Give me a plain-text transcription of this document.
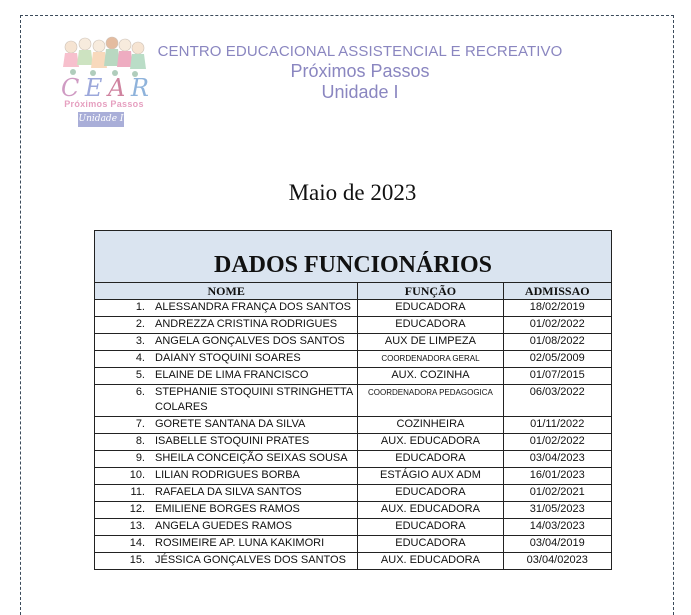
C E A R
Próximos Passos
Unidade I
CENTRO EDUCACIONAL ASSISTENCIAL E RECREATIVO
Próximos Passos
Unidade I
Maio de 2023
DADOS FUNCIONÁRIOS		
NOME	FUNÇÃO	ADMISSAO
1. ALESSANDRA FRANÇA DOS SANTOS	EDUCADORA	18/02/2019
2. ANDREZZA CRISTINA RODRIGUES	EDUCADORA	01/02/2022
3. ANGELA GONÇALVES DOS SANTOS	AUX DE LIMPEZA	01/08/2022
4. DAIANY STOQUINI SOARES	COORDENADORA GERAL	02/05/2009
5. ELAINE DE LIMA FRANCISCO	AUX. COZINHA	01/07/2015
6. STEPHANIE STOQUINI STRINGHETTA COLARES	COORDENADORA PEDAGOGICA	06/03/2022
7. GORETE SANTANA DA SILVA	COZINHEIRA	01/11/2022
8. ISABELLE STOQUINI PRATES	AUX. EDUCADORA	01/02/2022
9. SHEILA CONCEIÇÃO SEIXAS SOUSA	EDUCADORA	03/04/2023
10. LILIAN RODRIGUES BORBA	ESTÁGIO AUX ADM	16/01/2023
11. RAFAELA DA SILVA SANTOS	EDUCADORA	01/02/2021
12. EMILIENE BORGES RAMOS	AUX. EDUCADORA	31/05/2023
13. ANGELA GUEDES RAMOS	EDUCADORA	14/03/2023
14. ROSIMEIRE AP. LUNA KAKIMORI	EDUCADORA	03/04/2019
15. JÉSSICA GONÇALVES DOS SANTOS	AUX. EDUCADORA	03/04/02023
